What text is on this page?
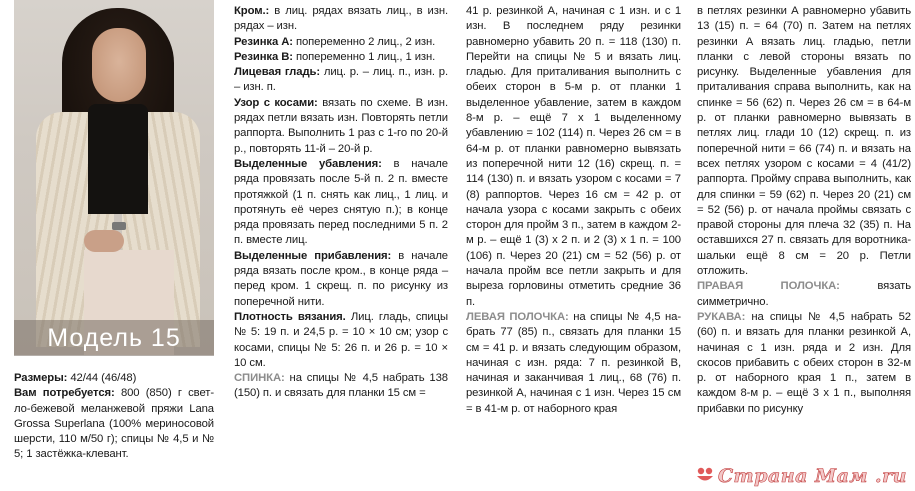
Модель 15

Размеры: 42/44 (46/48)

Вам потребуется: 800 (850) г свет-ло-бежевой меланжевой пряжи Lana Grossa Superlana (100% мериносовой шерсти, 110 м/50 г); спицы № 4,5 и № 5; 1 застёжка-клевант.

Кром.: в лиц. рядах вязать лиц., в изн. рядах – изн.

Резинка А: попеременно 2 лиц., 2 изн.

Резинка В: попеременно 1 лиц., 1 изн.

Лицевая гладь: лиц. р. – лиц. п., изн. р. – изн. п.

Узор с косами: вязать по схеме. В изн. рядах петли вязать изн. Повторять петли раппорта. Выполнить 1 раз с 1-го по 20-й р., повторять 11-й – 20-й р.

Выделенные убавления: в начале ряда провязать после 5-й п. 2 п. вместе протяжкой (1 п. снять как лиц., 1 лиц. и протянуть её через снятую п.); в конце ряда провязать перед последними 5 п. 2 п. вместе лиц.

Выделенные прибавления: в начале ряда вязать после кром., в конце ряда – перед кром. 1 скрещ. п. по рисунку из поперечной нити.

Плотность вязания. Лиц. гладь, спицы № 5: 19 п. и 24,5 р. = 10 × 10 см; узор с косами, спицы № 5: 26 п. и 26 р. = 10 × 10 см.

СПИНКА: на спицы № 4,5 набрать 138 (150) п. и связать для планки 15 см =

41 р. резинкой А, начиная с 1 изн. и с 1 изн. В последнем ряду резинки равномерно убавить 20 п. = 118 (130) п. Перейти на спицы № 5 и вязать лиц. гладью. Для приталивания выполнить с обеих сторон в 5-м р. от планки 1 выделенное убавление, затем в каждом 8-м р. – ещё 7 x 1 выделенному убавлению = 102 (114) п. Через 26 см = в 64-м р. от планки равномерно вывязать из поперечной нити 12 (16) скрещ. п. = 114 (130) п. и вязать узором с косами = 7 (8) раппортов. Через 16 см = 42 р. от начала узора с косами закрыть с обеих сторон для пройм 3 п., затем в каждом 2-м р. – ещё 1 (3) x 2 п. и 2 (3) x 1 п. = 100 (106) п. Через 20 (21) см = 52 (56) р. от начала пройм все петли закрыть и для выреза горловины отметить средние 36 п.

ЛЕВАЯ ПОЛОЧКА: на спицы № 4,5 на-брать 77 (85) п., связать для планки 15 см = 41 р. и вязать следующим образом, начиная с изн. ряда: 7 п. резинкой В, начиная и заканчивая 1 лиц., 68 (76) п. резинкой А, начиная с 1 изн. Через 15 см = в 41-м р. от наборного края

в петлях резинки А равномерно убавить 13 (15) п. = 64 (70) п. Затем на петлях резинки А вязать лиц. гладью, петли планки с левой стороны вязать по рисунку. Выделенные убавления для приталивания справа выполнить, как на спинке = 56 (62) п. Через 26 см = в 64-м р. от планки равномерно вывязать в петлях лиц. глади 10 (12) скрещ. п. из поперечной нити = 66 (74) п. и вязать на всех петлях узором с косами = 4 (41/2) раппорта. Пройму справа выполнить, как для спинки = 59 (62) п. Через 20 (21) см = 52 (56) р. от начала проймы связать с правой стороны для плеча 32 (35) п. На оставшихся 27 п. связать для воротника-шальки ещё 8 см = 20 р. Петли отложить.

ПРАВАЯ ПОЛОЧКА: вязать симметрично.

РУКАВА: на спицы № 4,5 набрать 52 (60) п. и вязать для планки резинкой А, начиная с 1 изн. ряда и 2 изн. Для скосов прибавить с обеих сторон в 32-м р. от наборного края 1 п., затем в каждом 8-м р. – ещё 3 x 1 п., выполняя прибавки по рисунку

Страна Мам .ru
